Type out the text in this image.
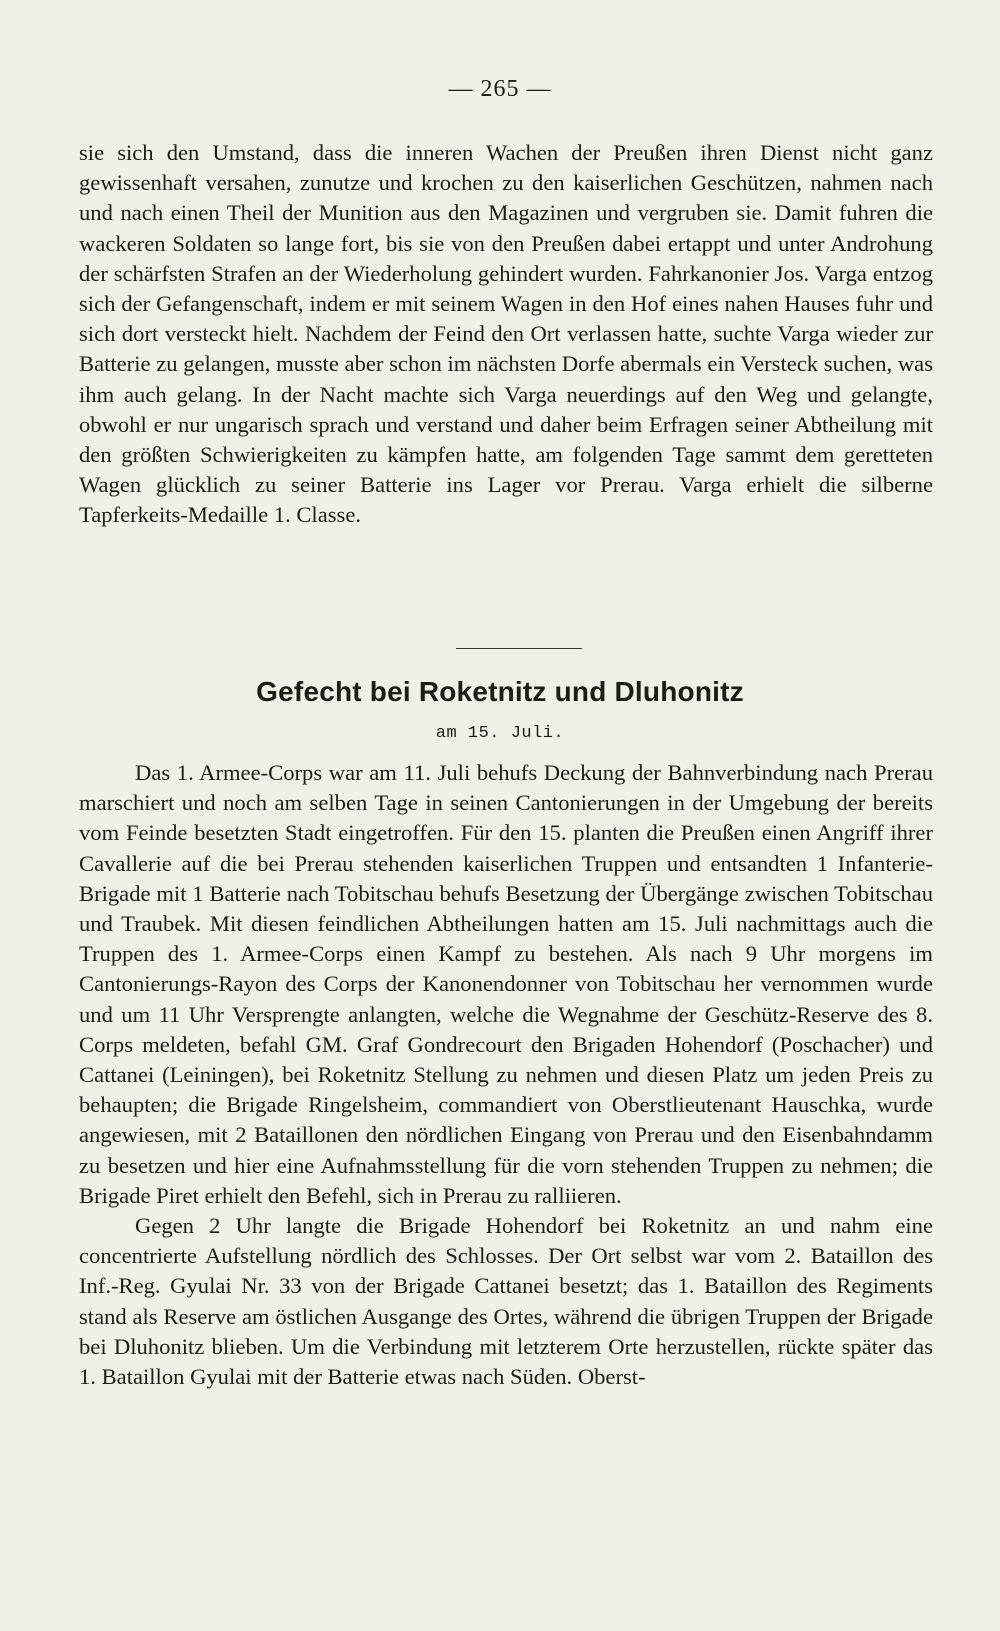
— 265 —

sie sich den Umstand, dass die inneren Wachen der Preußen ihren Dienst nicht ganz gewissenhaft versahen, zunutze und krochen zu den kaiserlichen Geschützen, nahmen nach und nach einen Theil der Munition aus den Magazinen und vergruben sie. Damit fuhren die wackeren Soldaten so lange fort, bis sie von den Preußen dabei ertappt und unter Androhung der schärfsten Strafen an der Wiederholung gehindert wurden. Fahrkanonier Jos. Varga entzog sich der Gefangenschaft, indem er mit seinem Wagen in den Hof eines nahen Hauses fuhr und sich dort versteckt hielt. Nachdem der Feind den Ort verlassen hatte, suchte Varga wieder zur Batterie zu gelangen, musste aber schon im nächsten Dorfe abermals ein Versteck suchen, was ihm auch gelang. In der Nacht machte sich Varga neuerdings auf den Weg und gelangte, obwohl er nur ungarisch sprach und verstand und daher beim Erfragen seiner Abtheilung mit den größten Schwierigkeiten zu kämpfen hatte, am folgenden Tage sammt dem geretteten Wagen glücklich zu seiner Batterie ins Lager vor Prerau. Varga erhielt die silberne Tapferkeits-Medaille 1. Classe.

Gefecht bei Roketnitz und Dluhonitz
am 15. Juli.

Das 1. Armee-Corps war am 11. Juli behufs Deckung der Bahnverbindung nach Prerau marschiert und noch am selben Tage in seinen Cantonierungen in der Umgebung der bereits vom Feinde besetzten Stadt eingetroffen. Für den 15. planten die Preußen einen Angriff ihrer Cavallerie auf die bei Prerau stehenden kaiserlichen Truppen und entsandten 1 Infanterie-Brigade mit 1 Batterie nach Tobitschau behufs Besetzung der Übergänge zwischen Tobitschau und Traubek. Mit diesen feindlichen Abtheilungen hatten am 15. Juli nachmittags auch die Truppen des 1. Armee-Corps einen Kampf zu bestehen. Als nach 9 Uhr morgens im Cantonierungs-Rayon des Corps der Kanonendonner von Tobitschau her vernommen wurde und um 11 Uhr Versprengte anlangten, welche die Wegnahme der Geschütz-Reserve des 8. Corps meldeten, befahl GM. Graf Gondrecourt den Brigaden Hohendorf (Poschacher) und Cattanei (Leiningen), bei Roketnitz Stellung zu nehmen und diesen Platz um jeden Preis zu behaupten; die Brigade Ringelsheim, commandiert von Oberstlieutenant Hauschka, wurde angewiesen, mit 2 Bataillonen den nördlichen Eingang von Prerau und den Eisenbahndamm zu besetzen und hier eine Aufnahmsstellung für die vorn stehenden Truppen zu nehmen; die Brigade Piret erhielt den Befehl, sich in Prerau zu ralliieren.

Gegen 2 Uhr langte die Brigade Hohendorf bei Roketnitz an und nahm eine concentrierte Aufstellung nördlich des Schlosses. Der Ort selbst war vom 2. Bataillon des Inf.-Reg. Gyulai Nr. 33 von der Brigade Cattanei besetzt; das 1. Bataillon des Regiments stand als Reserve am östlichen Ausgange des Ortes, während die übrigen Truppen der Brigade bei Dluhonitz blieben. Um die Verbindung mit letzterem Orte herzustellen, rückte später das 1. Bataillon Gyulai mit der Batterie etwas nach Süden. Oberst-
